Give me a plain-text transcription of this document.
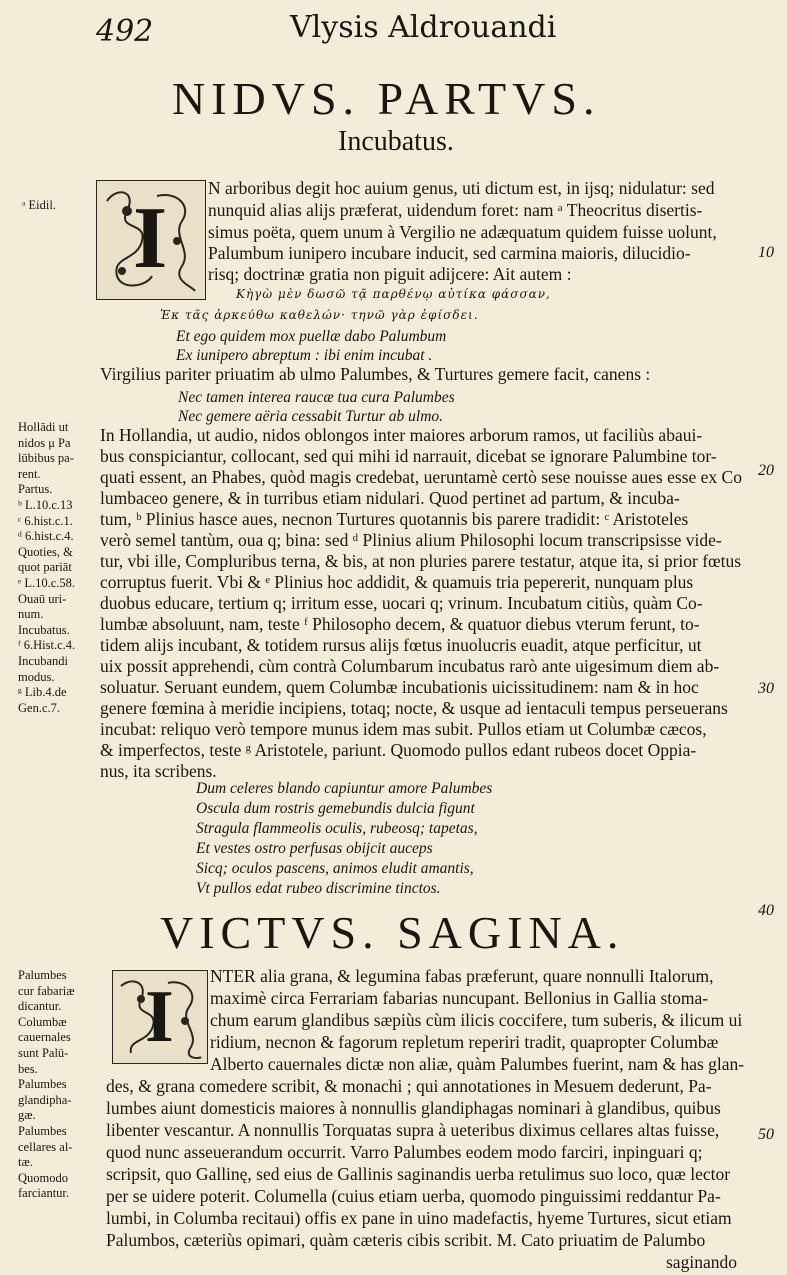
492	Vlysis Aldrouandi
NIDVS. PARTVS.
Incubatus.
I
N arboribus degit hoc auium genus, uti dictum est, in ijsq; nidulatur: sed
nunquid alias alijs præferat, uidendum foret: nam ᵃ Theocritus disertis-
simus poëta, quem unum à Vergilio ne adæquatum quidem fuisse uolunt,
Palumbum iunipero incubare inducit, sed carmina maioris, dilucidio-
risq; doctrinæ gratia non piguit adijcere: Ait autem :
Κὴγὼ μὲν δωσῶ τᾷ παρθένῳ αὐτίκα φάσσαν,
Ἐκ τᾶς ἀρκεύθω καθελών· τηνῶ γὰρ ἐφίσδει.
Et ego quidem mox puellæ dabo Palumbum
Ex iunipero abreptum : ibi enim incubat .
Virgilius pariter priuatim ab ulmo Palumbes, & Turtures gemere facit, canens :
Nec tamen interea raucæ tua cura Palumbes
Nec gemere aëria cessabit Turtur ab ulmo.
In Hollandia, ut audio, nidos oblongos inter maiores arborum ramos, ut faciliùs abaui-
bus conspiciantur, collocant, sed qui mihi id narrauit, dicebat se ignorare Palumbine tor-
quati essent, an Phabes, quòd magis credebat, ueruntamè certò sese nouisse aues esse ex Co
lumbaceo genere, & in turribus etiam nidulari. Quod pertinet ad partum, & incuba-
tum, ᵇ Plinius hasce aues, necnon Turtures quotannis bis parere tradidit: ᶜ Aristoteles
verò semel tantùm, oua q; bina: sed ᵈ Plinius alium Philosophi locum transcripsisse vide-
tur, vbi ille, Compluribus terna, & bis, at non pluries parere testatur, atque ita, si prior fœtus
corruptus fuerit. Vbi & ᵉ Plinius hoc addidit, & quamuis tria pepererit, nunquam plus
duobus educare, tertium q; irritum esse, uocari q; vrinum. Incubatum citiùs, quàm Co-
lumbæ absoluunt, nam, teste ᶠ Philosopho decem, & quatuor diebus vterum ferunt, to-
tidem alijs incubant, & totidem rursus alijs fœtus inuolucris euadit, atque perficitur, ut
uix possit apprehendi, cùm contrà Columbarum incubatus rarò ante uigesimum diem ab-
soluatur. Seruant eundem, quem Columbæ incubationis uicissitudinem: nam & in hoc
genere fœmina à meridie incipiens, totaq; nocte, & usque ad ientaculi tempus perseuerans
incubat: reliquo verò tempore munus idem mas subit. Pullos etiam ut Columbæ cæcos,
& imperfectos, teste ᵍ Aristotele, pariunt. Quomodo pullos edant rubeos docet Oppia-
nus, ita scribens.
Dum celeres blando capiuntur amore Palumbes
Oscula dum rostris gemebundis dulcia figunt
Stragula flammeolis oculis, rubeosq; tapetas,
Et vestes ostro perfusas obijcit auceps
Sicq; oculos pascens, animos eludit amantis,
Vt pullos edat rubeo discrimine tinctos.
VICTVS. SAGINA.
I NTER alia grana, & legumina fabas præferunt, quare nonnulli Italorum,
maximè circa Ferrariam fabarias nuncupant. Bellonius in Gallia stoma-
chum earum glandibus sæpiùs cùm ilicis coccifere, tum suberis, & ilicum ui
ridium, necnon & fagorum repletum reperiri tradit, quapropter Columbæ
Alberto cauernales dictæ non aliæ, quàm Palumbes fuerint, nam & has glan-
des, & grana comedere scribit, & monachi ; qui annotationes in Mesuem dederunt, Pa-
lumbes aiunt domesticis maiores à nonnullis glandiphagas nominari à glandibus, quibus
libenter vescantur. A nonnullis Torquatas supra à ueteribus diximus cellares altas fuisse,
quod nunc asseuerandum occurrit. Varro Palumbes eodem modo farciri, inpinguari q;
scripsit, quo Gallinę, sed eius de Gallinis saginandis uerba retulimus suo loco, quæ lector
per se uidere poterit. Columella (cuius etiam uerba, quomodo pinguissimi reddantur Pa-
lumbi, in Columba recitaui) offis ex pane in uino madefactis, hyeme Turtures, sicut etiam
Palumbos, cæteriùs opimari, quàm cæteris cibis scribit. M. Cato priuatim de Palumbo
saginando
ᵃ Eidil.
Hollādi ut
nidos μ Pa
lūbibus pa-
rent.
Partus.
ᵇ L.10.c.13
ᶜ 6.hist.c.1.
ᵈ 6.hist.c.4.
Quoties, &
quot pariāt
ᵉ L.10.c.58.
Ouaū uri-
num.
Incubatus.
ᶠ 6.Hist.c.4.
Incubandi
modus.
ᵍ Lib.4.de
Gen.c.7.
Palumbes
cur fabariæ
dicantur.
Columbæ
cauernales
sunt Palū-
bes.
Palumbes
glandipha-
gæ.
Palumbes
cellares al-
tæ.
Quomodo
farciantur.
10
20
30
40
50
